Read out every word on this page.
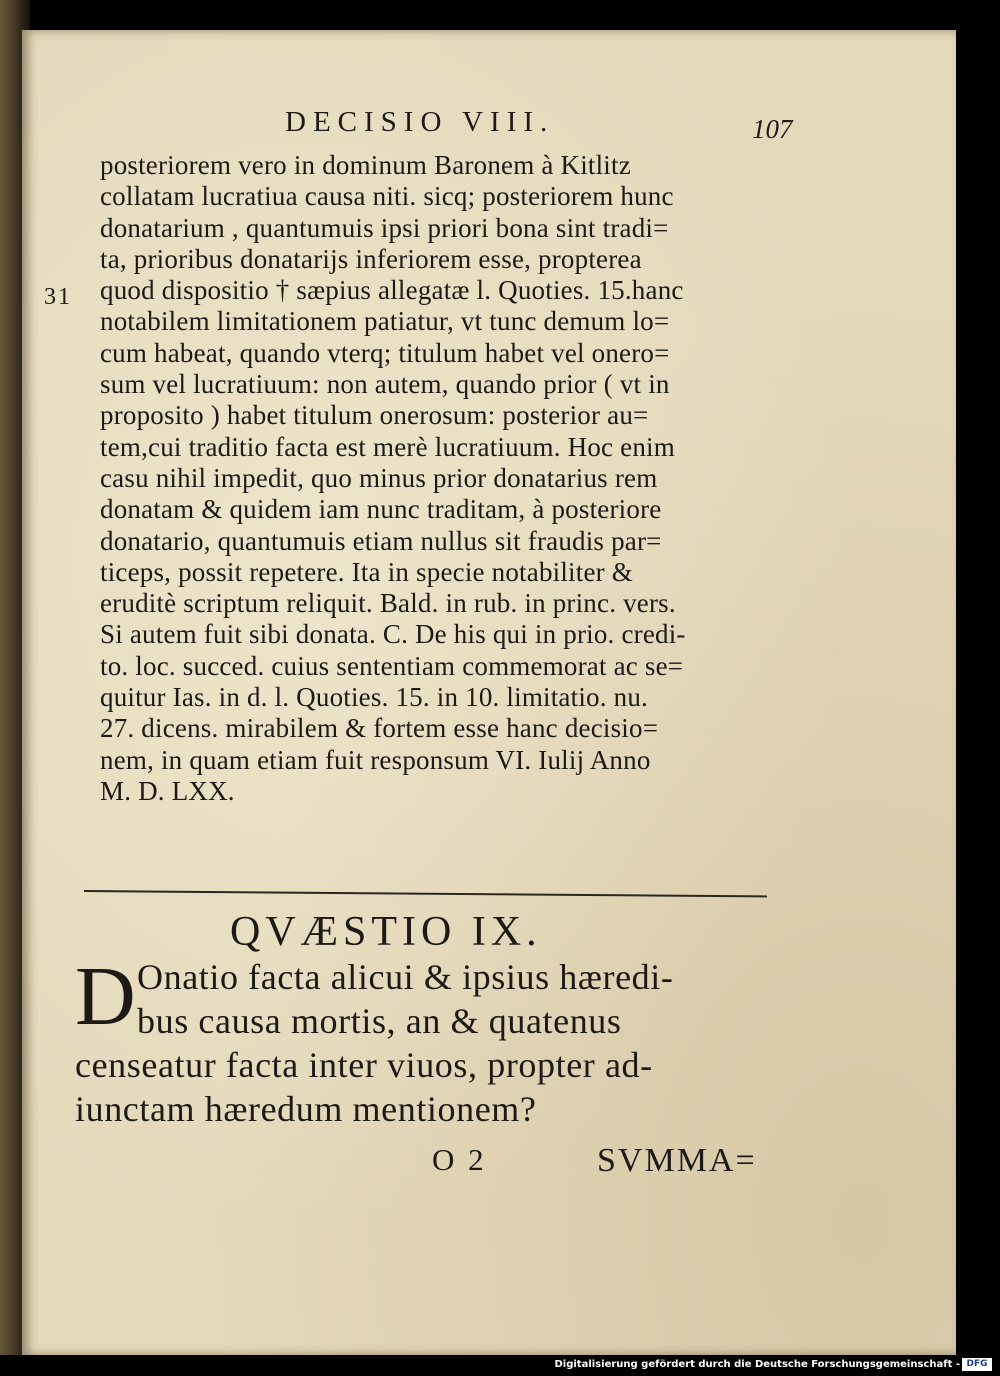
DECISIO VIII.	107
31
posteriorem vero in dominum Baronem à Kitlitz
collatam lucratiua causa niti. sicq; posteriorem hunc
donatarium , quantumuis ipsi priori bona sint tradi=
ta, prioribus donatarijs inferiorem esse, propterea
quod dispositio † sæpius allegatæ l. Quoties. 15.hanc
notabilem limitationem patiatur, vt tunc demum lo=
cum habeat, quando vterq; titulum habet vel onero=
sum vel lucratiuum: non autem, quando prior ( vt in
proposito ) habet titulum onerosum: posterior au=
tem,cui traditio facta est merè lucratiuum. Hoc enim
casu nihil impedit, quo minus prior donatarius rem
donatam & quidem iam nunc traditam, à posteriore
donatario, quantumuis etiam nullus sit fraudis par=
ticeps, possit repetere. Ita in specie notabiliter &
eruditè scriptum reliquit. Bald. in rub. in princ. vers.
Si autem fuit sibi donata. C. De his qui in prio. credi-
to. loc. succed. cuius sententiam commemorat ac se=
quitur Ias. in d. l. Quoties. 15. in 10. limitatio. nu.
27. dicens. mirabilem & fortem esse hanc decisio=
nem, in quam etiam fuit responsum VI. Iulij Anno
M. D. LXX.
QVÆSTIO IX.
D Onatio facta alicui & ipsius hæredi-
bus causa mortis, an & quatenus
censeatur facta inter viuos, propter ad-
iunctam hæredum mentionem?
O 2	SVMMA=
Digitalisierung gefördert durch die Deutsche Forschungsgemeinschaft - DFG
